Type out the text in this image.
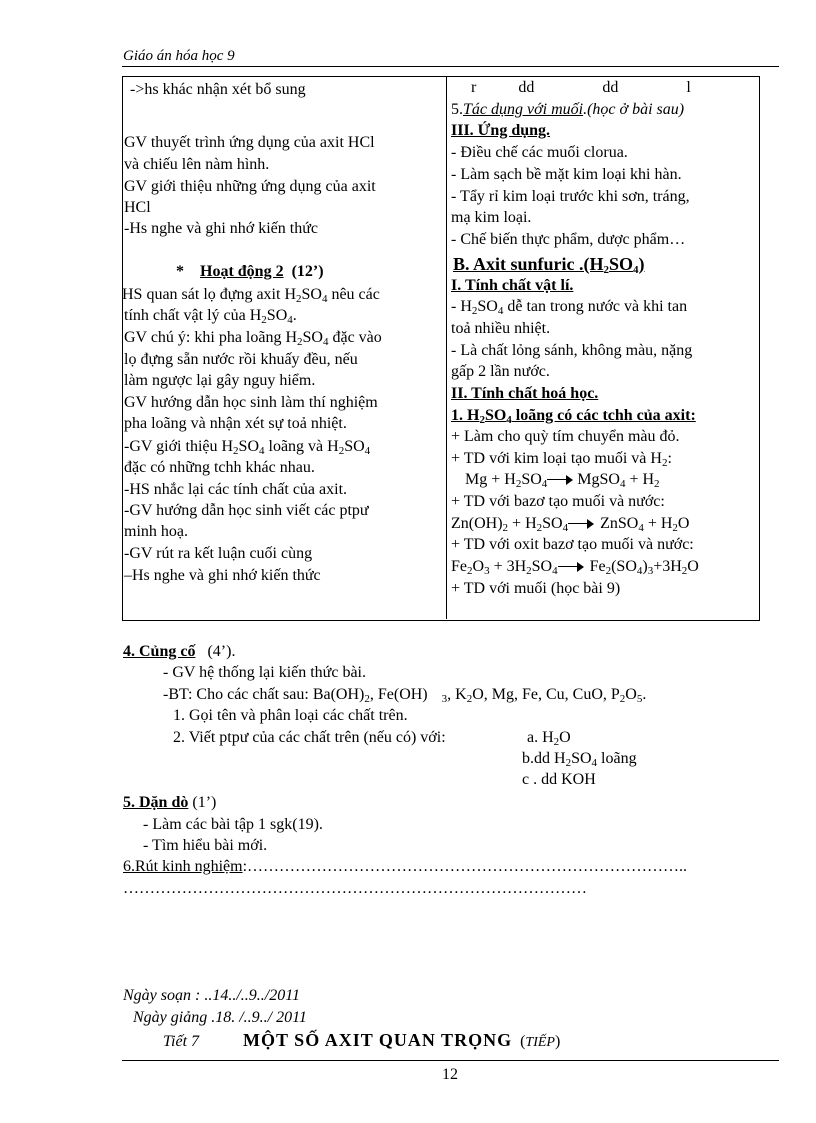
Giáo án hóa học 9
->hs khác nhận xét bổ sung
GV thuyết trình ứng dụng của axit HCl
và chiếu lên nàm hình.
GV giới thiệu những ứng dụng của axit
HCl
-Hs nghe và ghi nhớ kiến thức
* Hoạt động 2 (12’)
HS quan sát lọ đựng axit $H_2SO_4$ nêu các
tính chất vật lý của $H_2SO_4$.
GV chú ý: khi pha loãng $H_2SO_4$ đặc vào
lọ đựng sẵn nước rồi khuấy đều, nếu
làm ngược lại gây nguy hiểm.
GV hướng dẫn học sinh làm thí nghiệm
pha loãng và nhận xét sự toả nhiệt.
-GV giới thiệu $H_2SO_4$ loãng và $H_2SO_4$
đặc có những tchh khác nhau.
-HS nhắc lại các tính chất của axit.
-GV hướng dẫn học sinh viết các ptpư
minh hoạ.
-GV rút ra kết luận cuối cùng
–Hs nghe và ghi nhớ kiến thức
r	dd	dd	l
5.Tác dụng với muối.(học ở bài sau)
III. Ứng dụng.
- Điều chế các muối clorua.
- Làm sạch bề mặt kim loại khi hàn.
- Tẩy rỉ kim loại trước khi sơn, tráng,
mạ kim loại.
- Chế biến thực phẩm, dược phẩm…
B. Axit sunfuric $.(H_2SO_4)$
I. Tính chất vật lí.
- $H_2SO_4$ dễ tan trong nước và khi tan
toả nhiều nhiệt.
- Là chất lỏng sánh, không màu, nặng
gấp 2 lần nước.
II. Tính chất hoá học.
1. $H_2SO_4$ loãng có các tchh của axit:
+ Làm cho quỳ tím chuyển màu đỏ.
+ TD với kim loại tạo muối và $H_2$:
$Mg + H_2SO_4$ MgSO$_4$ + $H_2$
+ TD với bazơ tạo muối và nước:
$Zn(OH)_2 + H_2SO_4$ ZnSO$_4$ + $H_2O$
+ TD với oxit bazơ tạo muối và nước:
$Fe_2O_3 + 3H_2SO_4$ $Fe_2(SO_4)_3+3H_2O$
+ TD với muối (học bài 9)
4. Củng cố (4’).
- GV hệ thống lại kiến thức bài.
-BT: Cho các chất sau: $Ba(OH)_2$, Fe(OH) $_3$, $K_2O$, Mg, Fe, Cu, CuO, $P_2O_5$.
1. Gọi tên và phân loại các chất trên.
2. Viết ptpư của các chất trên (nếu có) với:	a. $H_2O$
b.dd $H_2SO_4$ loãng
c . dd KOH
5. Dặn dò (1’)
- Làm các bài tập 1 sgk(19).
- Tìm hiểu bài mới.
6.Rút kinh nghiệm:………………………………………………………………………..
……………………………………………………………………………
Ngày soạn : ..14../..9../2011
Ngày giảng .18. /..9../ 2011
Tiết 7 MỘT SỐ AXIT QUAN TRỌNG (TIẾP)
12
